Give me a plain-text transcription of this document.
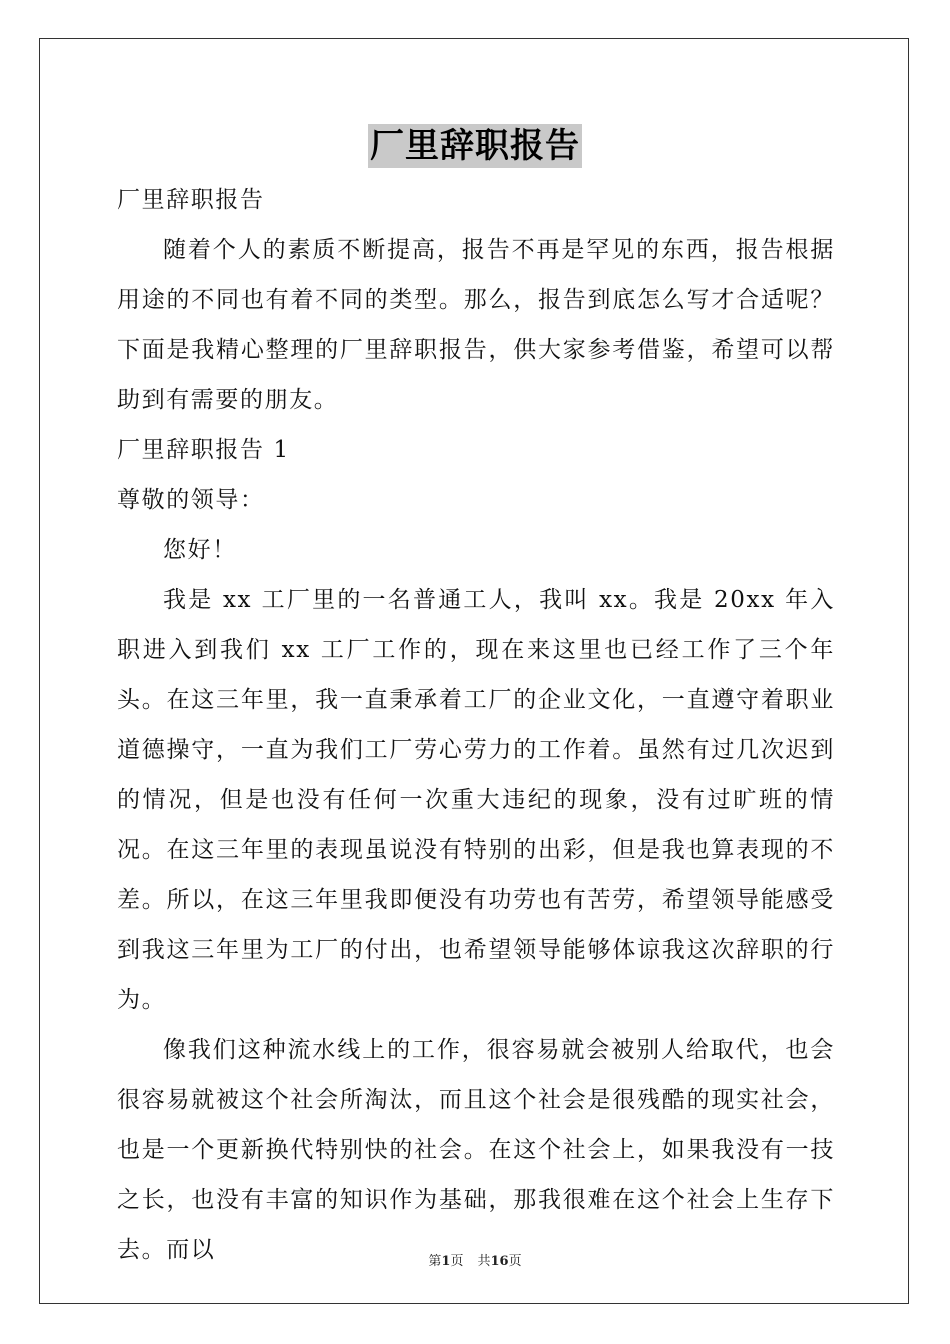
厂里辞职报告

厂里辞职报告

随着个人的素质不断提高，报告不再是罕见的东西，报告根据用途的不同也有着不同的类型。那么，报告到底怎么写才合适呢？下面是我精心整理的厂里辞职报告，供大家参考借鉴，希望可以帮助到有需要的朋友。

厂里辞职报告 1

尊敬的领导：

您好！

我是 xx 工厂里的一名普通工人，我叫 xx。我是 20xx 年入职进入到我们 xx 工厂工作的，现在来这里也已经工作了三个年头。在这三年里，我一直秉承着工厂的企业文化，一直遵守着职业道德操守，一直为我们工厂劳心劳力的工作着。虽然有过几次迟到的情况，但是也没有任何一次重大违纪的现象，没有过旷班的情况。在这三年里的表现虽说没有特别的出彩，但是我也算表现的不差。所以，在这三年里我即便没有功劳也有苦劳，希望领导能感受到我这三年里为工厂的付出，也希望领导能够体谅我这次辞职的行为。

像我们这种流水线上的工作，很容易就会被别人给取代，也会很容易就被这个社会所淘汰，而且这个社会是很残酷的现实社会，也是一个更新换代特别快的社会。在这个社会上，如果我没有一技之长，也没有丰富的知识作为基础，那我很难在这个社会上生存下去。而以	第1页 共16页
